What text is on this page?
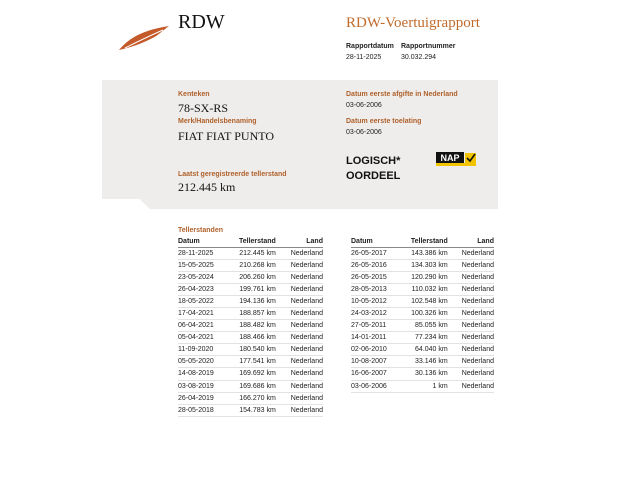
RDW	RDW-Voertuigrapport
Rapportdatum
28-11-2025
Rapportnummer
30.032.294
Kenteken
78-SX-RS
Merk/Handelsbenaming
FIAT FIAT PUNTO
Laatst geregistreerde tellerstand
212.445 km
Datum eerste afgifte in Nederland
03-06-2006
Datum eerste toelating
03-06-2006
LOGISCH*
OORDEEL
NAP
Tellerstanden
Datum	Tellerstand	Land
28-11-2025	212.445 km	Nederland
15-05-2025	210.268 km	Nederland
23-05-2024	206.260 km	Nederland
26-04-2023	199.761 km	Nederland
18-05-2022	194.136 km	Nederland
17-04-2021	188.857 km	Nederland
06-04-2021	188.482 km	Nederland
05-04-2021	188.466 km	Nederland
11-09-2020	180.540 km	Nederland
05-05-2020	177.541 km	Nederland
14-08-2019	169.692 km	Nederland
03-08-2019	169.686 km	Nederland
26-04-2019	166.270 km	Nederland
28-05-2018	154.783 km	Nederland
Datum	Tellerstand	Land
26-05-2017	143.386 km	Nederland
26-05-2016	134.303 km	Nederland
26-05-2015	120.290 km	Nederland
28-05-2013	110.032 km	Nederland
10-05-2012	102.548 km	Nederland
24-03-2012	100.326 km	Nederland
27-05-2011	85.055 km	Nederland
14-01-2011	77.234 km	Nederland
02-06-2010	64.040 km	Nederland
10-08-2007	33.146 km	Nederland
16-06-2007	30.136 km	Nederland
03-06-2006	1 km	Nederland
